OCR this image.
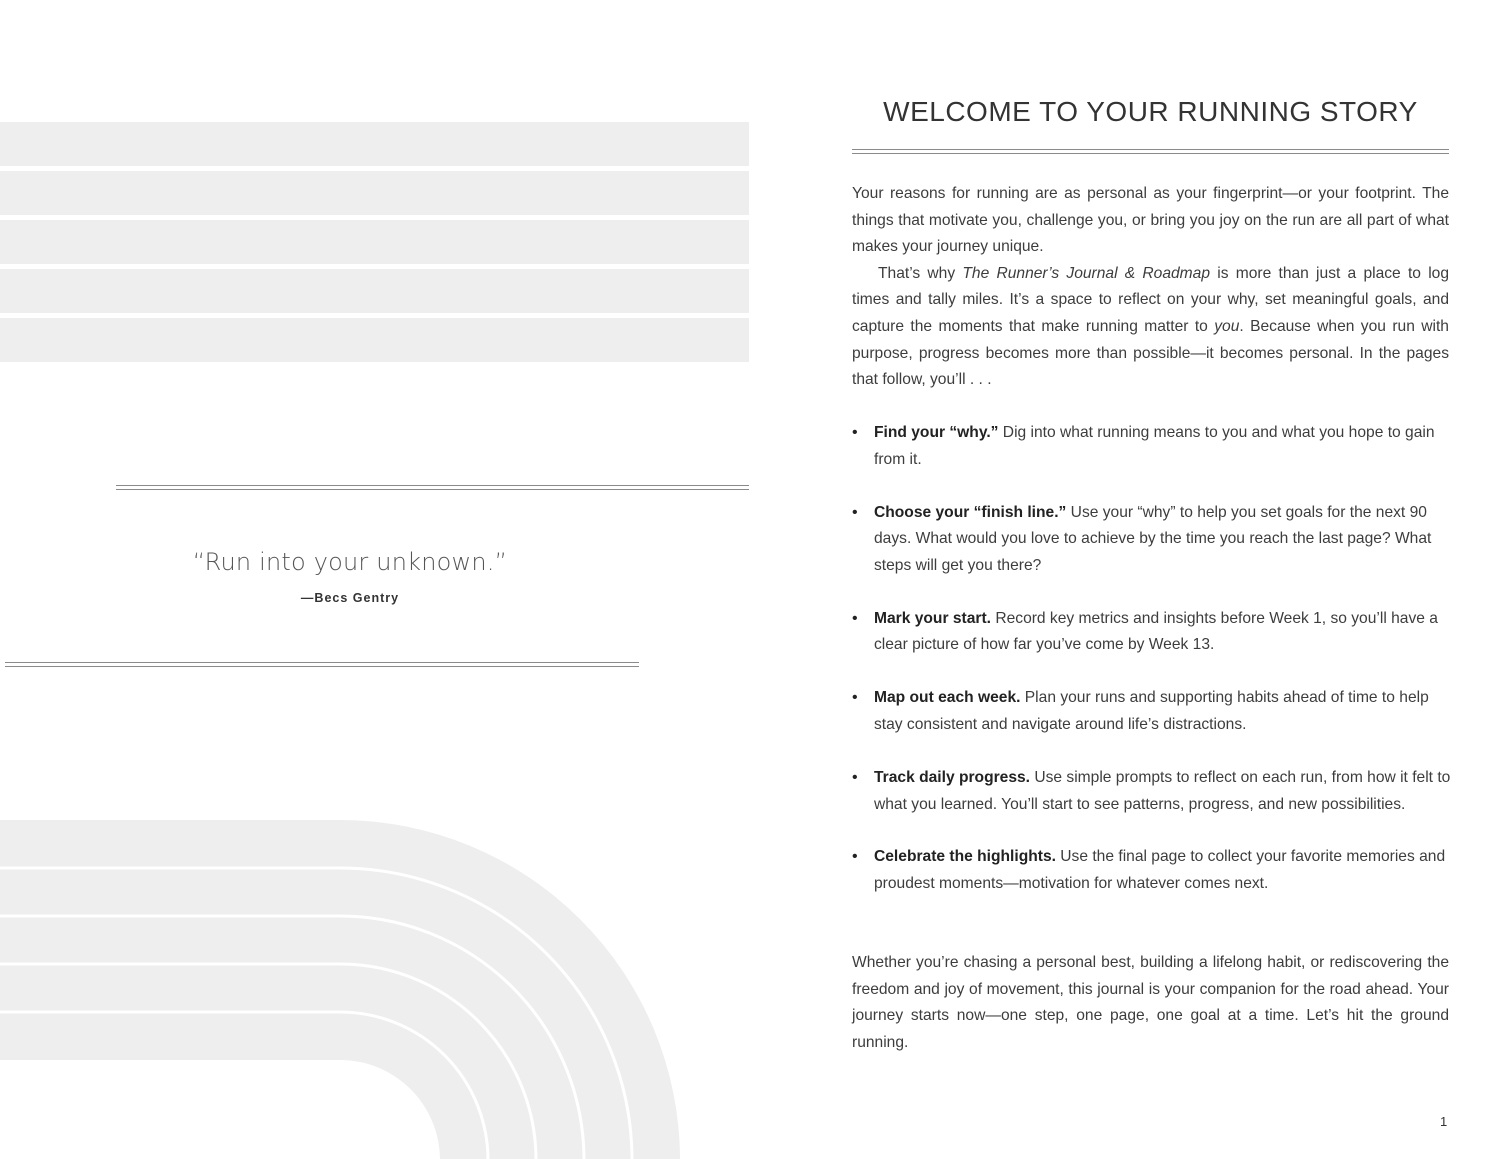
“Run into your unknown.”
—Becs Gentry
WELCOME TO YOUR RUNNING STORY

Your reasons for running are as personal as your fingerprint—or your footprint. The things that motivate you, challenge you, or bring you joy on the run are all part of what makes your journey unique.

That’s why The Runner’s Journal & Roadmap is more than just a place to log times and tally miles. It’s a space to reflect on your why, set meaningful goals, and capture the moments that make running matter to you. Because when you run with purpose, progress becomes more than possible—it becomes personal. In the pages that follow, you’ll . . .

• Find your “why.” Dig into what running means to you and what you hope to gain from it.
• Choose your “finish line.” Use your “why” to help you set goals for the next 90 days. What would you love to achieve by the time you reach the last page? What steps will get you there?
• Mark your start. Record key metrics and insights before Week 1, so you’ll have a clear picture of how far you’ve come by Week 13.
• Map out each week. Plan your runs and supporting habits ahead of time to help stay consistent and navigate around life’s distractions.
• Track daily progress. Use simple prompts to reflect on each run, from how it felt to what you learned. You’ll start to see patterns, progress, and new possibilities.
• Celebrate the highlights. Use the final page to collect your favorite memories and proudest moments—motivation for whatever comes next.
Whether you’re chasing a personal best, building a lifelong habit, or rediscovering the freedom and joy of movement, this journal is your companion for the road ahead. Your journey starts now—one step, one page, one goal at a time. Let’s hit the ground running.
1
